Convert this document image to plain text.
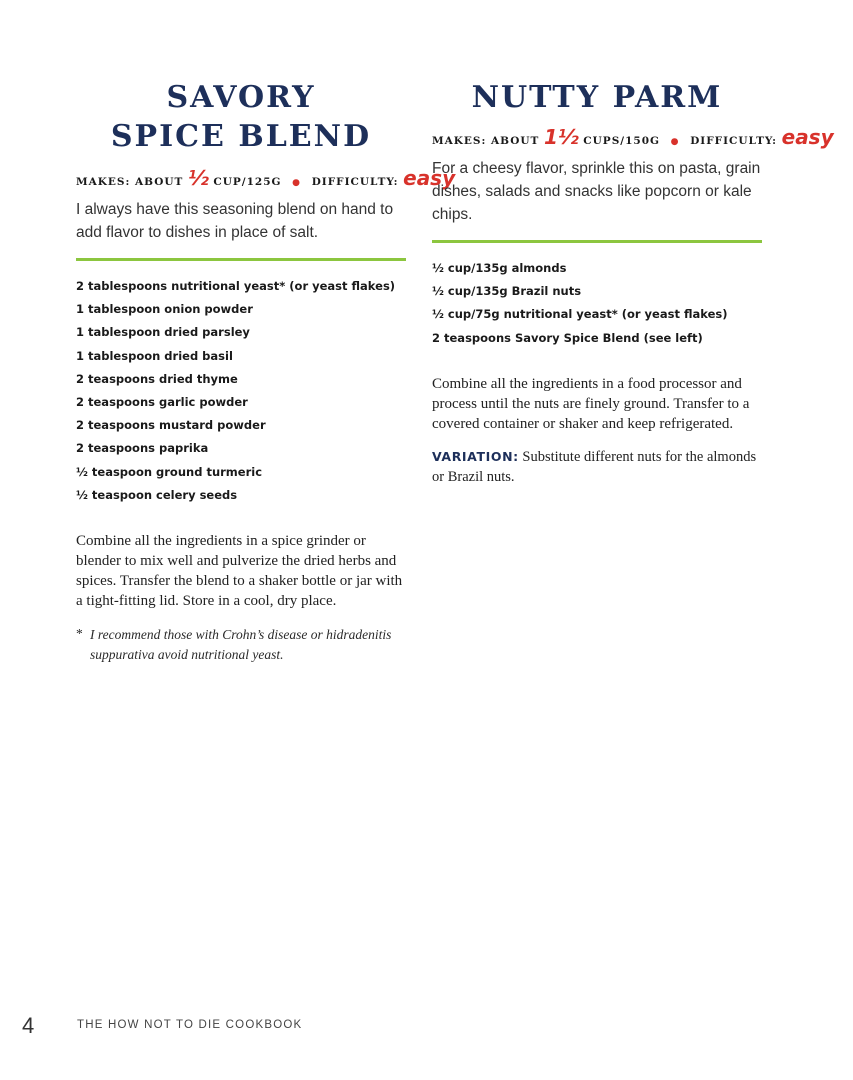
SAVORY
SPICE BLEND
MAKES: ABOUT ½ CUP/125G ● DIFFICULTY: easy

I always have this seasoning blend on hand to add flavor to dishes in place of salt.

2 tablespoons nutritional yeast* (or yeast flakes)
1 tablespoon onion powder
1 tablespoon dried parsley
1 tablespoon dried basil
2 teaspoons dried thyme
2 teaspoons garlic powder
2 teaspoons mustard powder
2 teaspoons paprika
½ teaspoon ground turmeric
½ teaspoon celery seeds

Combine all the ingredients in a spice grinder or blender to mix well and pulverize the dried herbs and spices. Transfer the blend to a shaker bottle or jar with a tight-fitting lid. Store in a cool, dry place.

* I recommend those with Crohn’s disease or hidradenitis suppurativa avoid nutritional yeast.

NUTTY PARM
MAKES: ABOUT 1½ CUPS/150G ● DIFFICULTY: easy

For a cheesy flavor, sprinkle this on pasta, grain dishes, salads and snacks like popcorn or kale chips.

½ cup/135g almonds
½ cup/135g Brazil nuts
½ cup/75g nutritional yeast* (or yeast flakes)
2 teaspoons Savory Spice Blend (see left)

Combine all the ingredients in a food processor and process until the nuts are finely ground. Transfer to a covered container or shaker and keep refrigerated.

VARIATION: Substitute different nuts for the almonds or Brazil nuts.

4	THE HOW NOT TO DIE COOKBOOK
